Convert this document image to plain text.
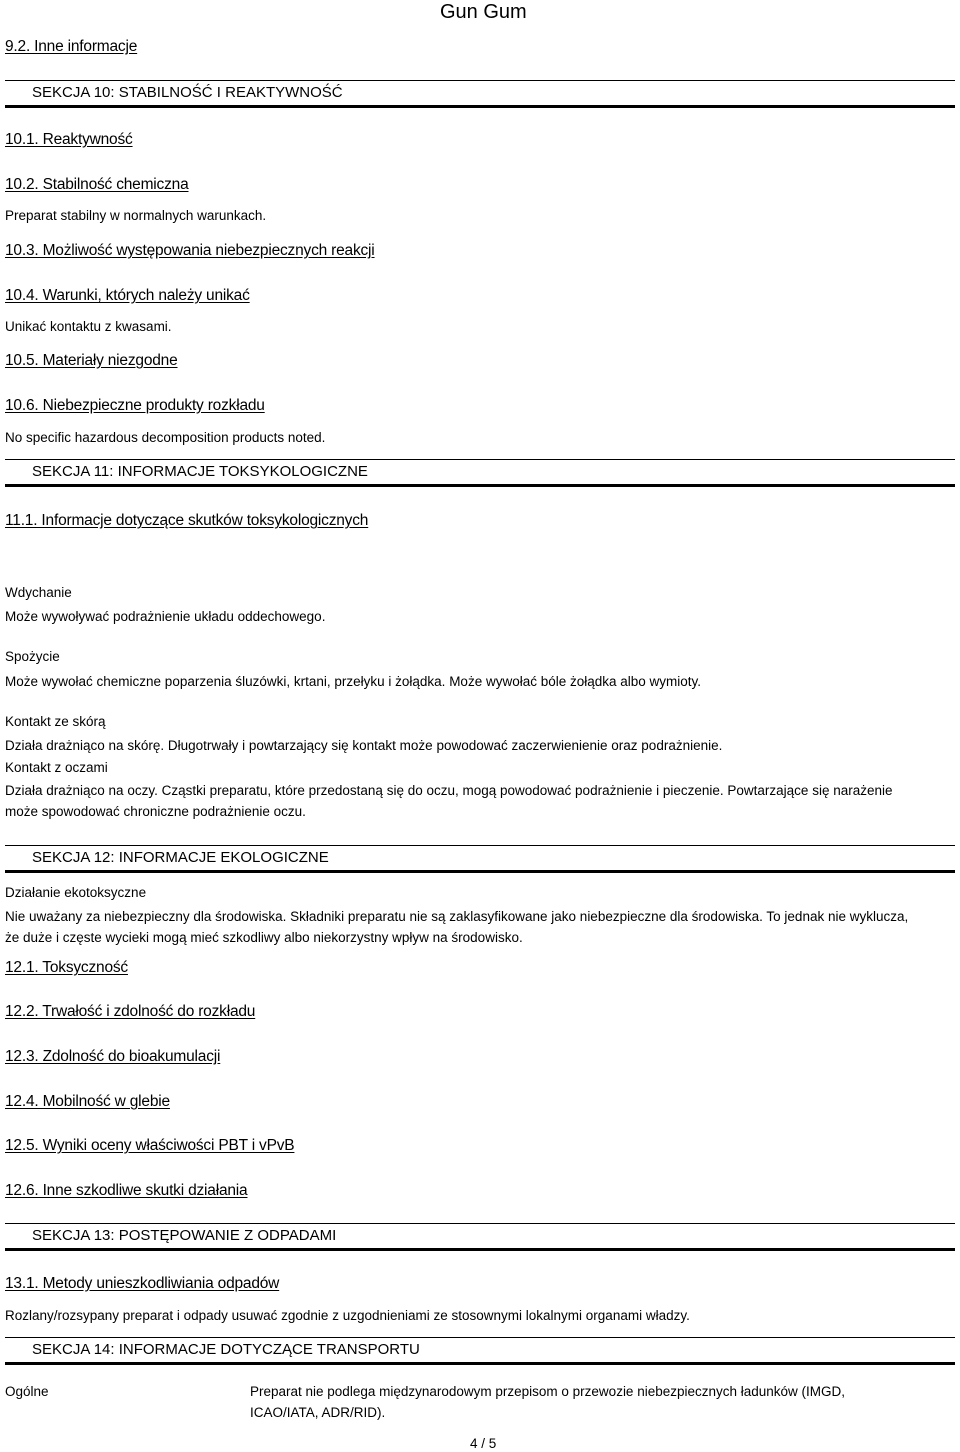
Gun Gum
9.2. Inne informacje
SEKCJA 10: STABILNOŚĆ I REAKTYWNOŚĆ
10.1. Reaktywność
10.2. Stabilność chemiczna
Preparat stabilny w normalnych warunkach.
10.3. Możliwość występowania niebezpiecznych reakcji
10.4. Warunki, których należy unikać
Unikać kontaktu z kwasami.
10.5. Materiały niezgodne
10.6. Niebezpieczne produkty rozkładu
No specific hazardous decomposition products noted.
SEKCJA 11: INFORMACJE TOKSYKOLOGICZNE
11.1. Informacje dotyczące skutków toksykologicznych
Wdychanie
Może wywoływać podrażnienie układu oddechowego.
Spożycie
Może wywołać chemiczne poparzenia śluzówki, krtani, przełyku i żołądka. Może wywołać bóle żołądka albo wymioty.
Kontakt ze skórą
Działa drażniąco na skórę. Długotrwały i powtarzający się kontakt może powodować zaczerwienienie oraz podrażnienie.
Kontakt z oczami
Działa drażniąco na oczy. Cząstki preparatu, które przedostaną się do oczu, mogą powodować podrażnienie i pieczenie. Powtarzające się narażenie może spowodować chroniczne podrażnienie oczu.
SEKCJA 12: INFORMACJE EKOLOGICZNE
Działanie ekotoksyczne
Nie uważany za niebezpieczny dla środowiska. Składniki preparatu nie są zaklasyfikowane jako niebezpieczne dla środowiska. To jednak nie wyklucza, że duże i częste wycieki mogą mieć szkodliwy albo niekorzystny wpływ na środowisko.
12.1. Toksyczność
12.2. Trwałość i zdolność do rozkładu
12.3. Zdolność do bioakumulacji
12.4. Mobilność w glebie
12.5. Wyniki oceny właściwości PBT i vPvB
12.6. Inne szkodliwe skutki działania
SEKCJA 13: POSTĘPOWANIE Z ODPADAMI
13.1. Metody unieszkodliwiania odpadów
Rozlany/rozsypany preparat i odpady usuwać zgodnie z uzgodnieniami ze stosownymi lokalnymi organami władzy.
SEKCJA 14: INFORMACJE DOTYCZĄCE TRANSPORTU
Ogólne	Preparat nie podlega międzynarodowym przepisom o przewozie niebezpiecznych ładunków (IMGD, ICAO/IATA, ADR/RID).
4 / 5
